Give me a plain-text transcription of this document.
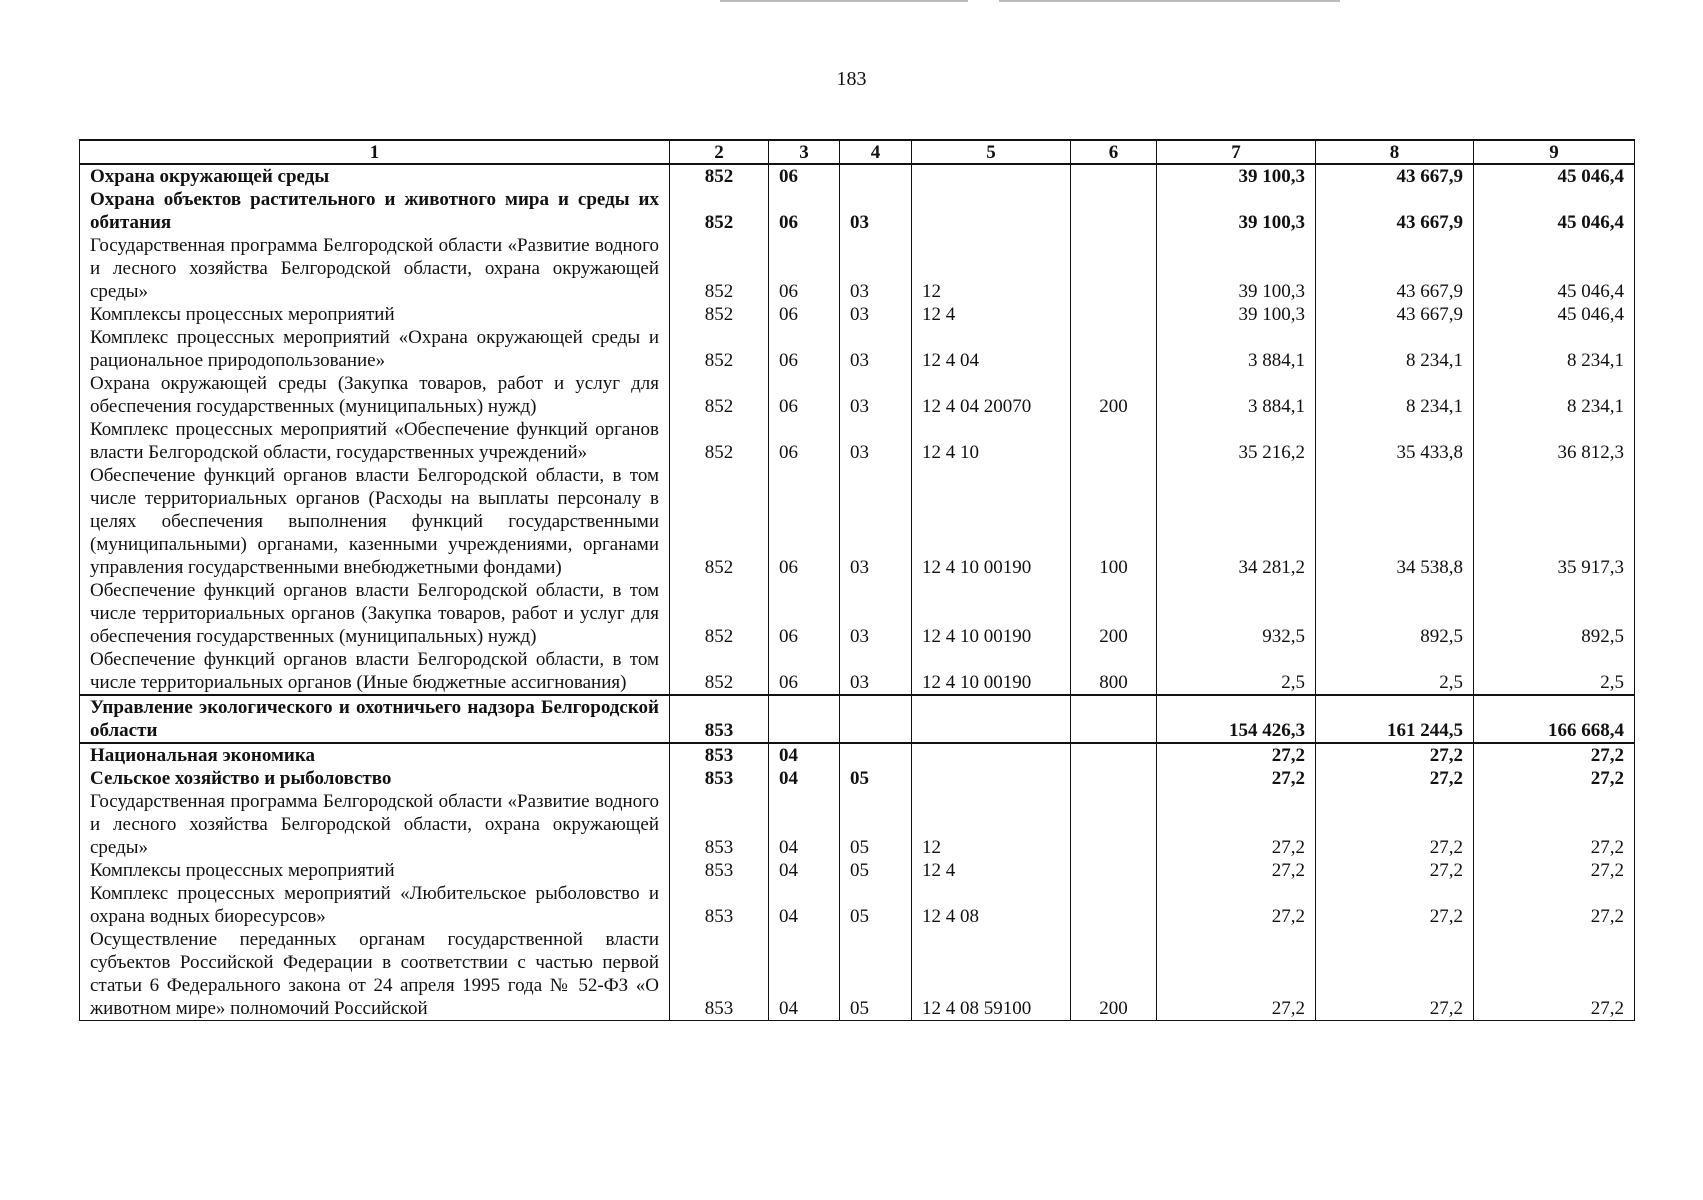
183
1	2	3	4	5	6	7	8	9
Охрана окружающей среды	852	06				39 100,3	43 667,9	45 046,4
Охрана объектов растительного и животного мира и среды их обитания	852	06	03			39 100,3	43 667,9	45 046,4
Государственная программа Белгородской области «Развитие водного и лесного хозяйства Белгородской области, охрана окружающей среды»	852	06	03	12		39 100,3	43 667,9	45 046,4
Комплексы процессных мероприятий	852	06	03	12 4		39 100,3	43 667,9	45 046,4
Комплекс процессных мероприятий «Охрана окружающей среды и рациональное природопользование»	852	06	03	12 4 04		3 884,1	8 234,1	8 234,1
Охрана окружающей среды (Закупка товаров, работ и услуг для обеспечения государственных (муниципальных) нужд)	852	06	03	12 4 04 20070	200	3 884,1	8 234,1	8 234,1
Комплекс процессных мероприятий «Обеспечение функций органов власти Белгородской области, государственных учреждений»	852	06	03	12 4 10		35 216,2	35 433,8	36 812,3
Обеспечение функций органов власти Белгородской области, в том числе территориальных органов (Расходы на выплаты персоналу в целях обеспечения выполнения функций государственными (муниципальными) органами, казенными учреждениями, органами управления государственными внебюджетными фондами)	852	06	03	12 4 10 00190	100	34 281,2	34 538,8	35 917,3
Обеспечение функций органов власти Белгородской области, в том числе территориальных органов (Закупка товаров, работ и услуг для обеспечения государственных (муниципальных) нужд)	852	06	03	12 4 10 00190	200	932,5	892,5	892,5
Обеспечение функций органов власти Белгородской области, в том числе территориальных органов (Иные бюджетные ассигнования)	852	06	03	12 4 10 00190	800	2,5	2,5	2,5
Управление экологического и охотничьего надзора Белгородской области	853					154 426,3	161 244,5	166 668,4
Национальная экономика	853	04				27,2	27,2	27,2
Сельское хозяйство и рыболовство	853	04	05			27,2	27,2	27,2
Государственная программа Белгородской области «Развитие водного и лесного хозяйства Белгородской области, охрана окружающей среды»	853	04	05	12		27,2	27,2	27,2
Комплексы процессных мероприятий	853	04	05	12 4		27,2	27,2	27,2
Комплекс процессных мероприятий «Любительское рыболовство и охрана водных биоресурсов»	853	04	05	12 4 08		27,2	27,2	27,2
Осуществление переданных органам государственной власти субъектов Российской Федерации в соответствии с частью первой статьи 6 Федерального закона от 24 апреля 1995 года № 52-ФЗ «О животном мире» полномочий Российской	853	04	05	12 4 08 59100	200	27,2	27,2	27,2
